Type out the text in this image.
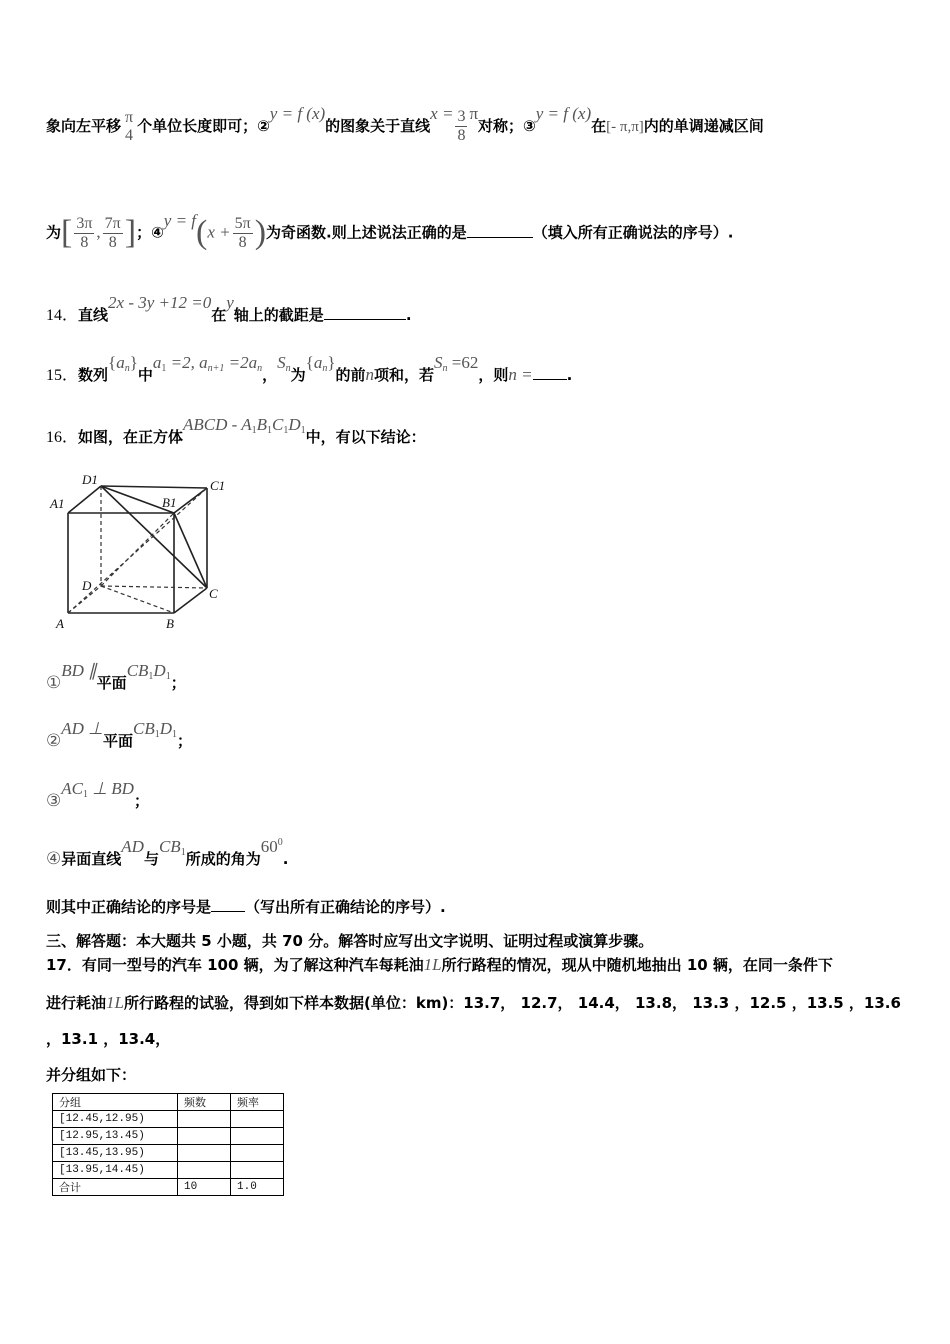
象向左平移 π
4 个单位长度即可；②y = f (x)的图象关于直线$x = \frac{3}{8}$ π对称；③y = f (x)在[- π,π]内的单调递减区间
为[ $\frac{3\pi}{8}$ , $\frac{7\pi}{8}$ ]；④y = $f(x + \frac{5\pi}{8}$ )为奇函数.则上述说法正确的是	（填入所有正确说法的序号）.
14．直线2x - 3y +12 =0在y轴上的截距是	.
15．数列$\{a_n\}$中$a_1 =2$, $a_{n+1} =2a_n$，$S_n$为$\{a_n\}$的前n项和，若$S_n =62$，则n = .
16．如图，在正方体ABCD - $A_1B_1C_1D_1$中，有以下结论：
D1	C1
A1	B1
D
C
A	B
①BD ∥平面$CB_1D_1$；
②AD ⊥平面$CB_1D_1$；
$③AC_1$ ⊥ BD；
④异面直线AD与$CB_1$所成的角为$60^0$.
则其中正确结论的序号是 （写出所有正确结论的序号）.
三、解答题：本大题共 5 小题，共 70 分。解答时应写出文字说明、证明过程或演算步骤。
17．有同一型号的汽车 100 辆，为了解这种汽车每耗油1L所行路程的情况，现从中随机地抽出 10 辆，在同一条件下
进行耗油1L所行路程的试验，得到如下样本数据(单位：km)：13.7， 12.7， 14.4， 13.8， 13.3 ，12.5 ，13.5 ，13.6
，13.1 ，13.4，
并分组如下：
分组	频数	频率
[12.45,12.95)		
[12.95,13.45)		
[13.45,13.95)		
[13.95,14.45)		
合计	10	1.0
